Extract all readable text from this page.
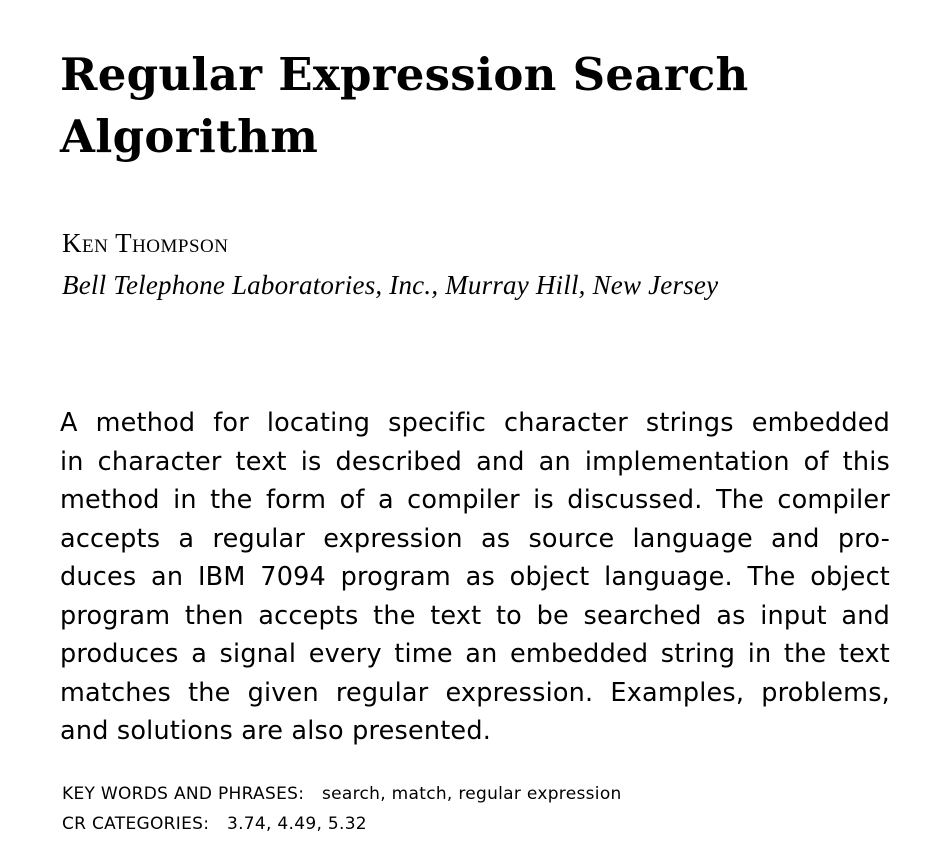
Regular Expression Search
Algorithm

Ken Thompson

Bell Telephone Laboratories, Inc., Murray Hill, New Jersey

A method for locating specific character strings embedded
in character text is described and an implementation of this
method in the form of a compiler is discussed. The compiler
accepts a regular expression as source language and pro-
duces an IBM 7094 program as object language. The object
program then accepts the text to be searched as input and
produces a signal every time an embedded string in the text
matches the given regular expression. Examples, problems,
and solutions are also presented.

KEY WORDS AND PHRASES: search, match, regular expression

CR CATEGORIES: 3.74, 4.49, 5.32
